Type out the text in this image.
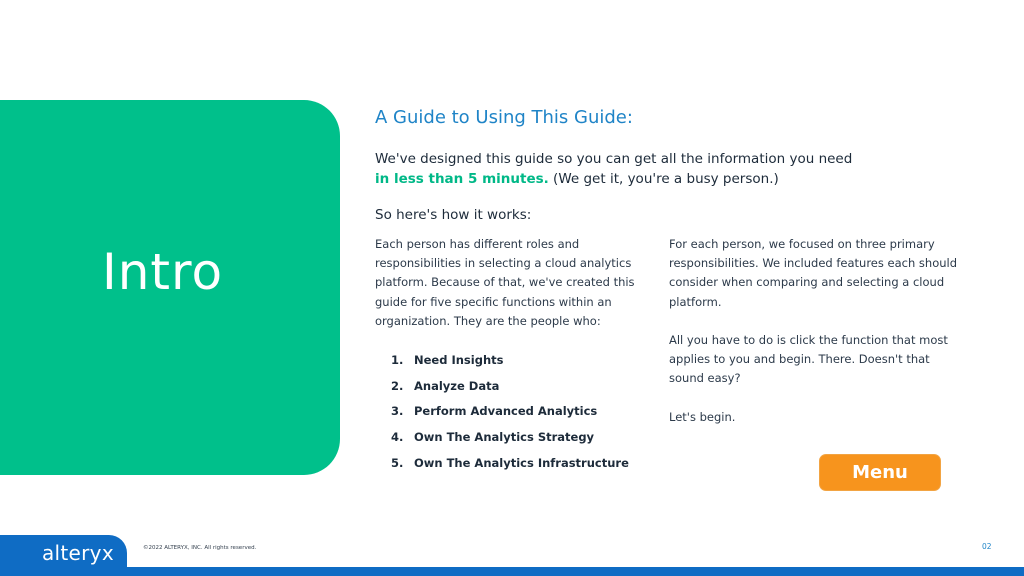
Intro
A Guide to Using This Guide:
We've designed this guide so you can get all the information you need
in less than 5 minutes. (We get it, you're a busy person.)
So here's how it works:

Each person has different roles and responsibilities in selecting a cloud analytics platform. Because of that, we've created this guide for five specific functions within an organization. They are the people who:

1. Need Insights
2. Analyze Data
3. Perform Advanced Analytics
4. Own The Analytics Strategy
5. Own The Analytics Infrastructure

For each person, we focused on three primary responsibilities. We included features each should consider when comparing and selecting a cloud platform.

All you have to do is click the function that most applies to you and begin. There. Doesn't that sound easy?

Let's begin.

Menu
alteryx	©2022 ALTERYX, INC. All rights reserved.	02
